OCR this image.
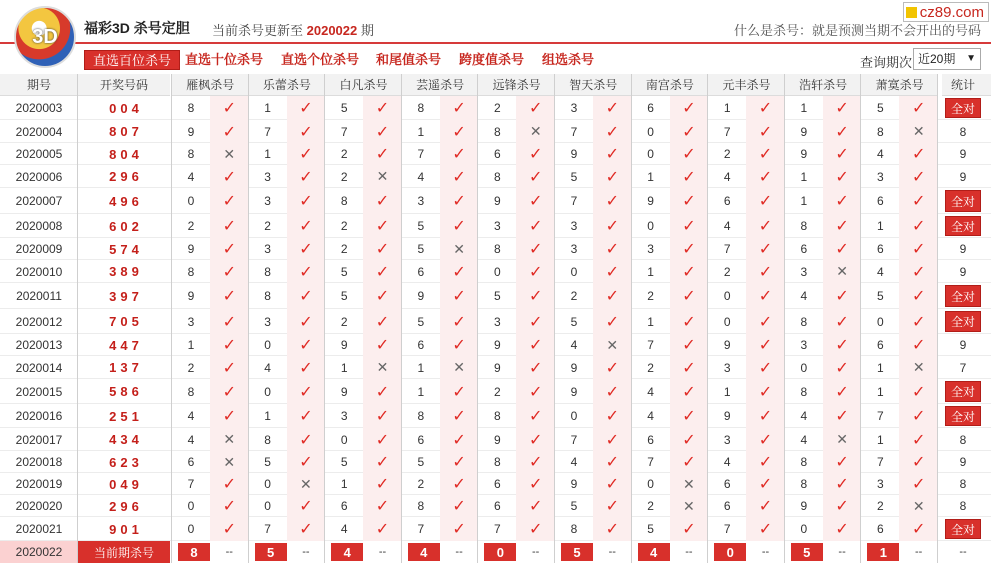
福彩3D 杀号定胆 当前杀号更新至 2020022 期	什么是杀号：就是预测当期不会开出的号码
3D
cz89.com
直选百位杀号	直选十位杀号 直选个位杀号 和尾值杀号 跨度值杀号 组选杀号	查询期次 近20期 ▼
期号	开奖号码	雁枫杀号	乐蕾杀号	白凡杀号	芸遥杀号	远锋杀号	智天杀号	南宫杀号	元丰杀号	浩轩杀号	萧寞杀号	统计
2020003	004	8	✓	1	✓	5	✓	8	✓	2	✓	3	✓	6	✓	1	✓	1	✓	5	✓	全对
2020004	807	9	✓	7	✓	7	✓	1	✓	8	✕	7	✓	0	✓	7	✓	9	✓	8	✕	8
2020005	804	8	✕	1	✓	2	✓	7	✓	6	✓	9	✓	0	✓	2	✓	9	✓	4	✓	9
2020006	296	4	✓	3	✓	2	✕	4	✓	8	✓	5	✓	1	✓	4	✓	1	✓	3	✓	9
2020007	496	0	✓	3	✓	8	✓	3	✓	9	✓	7	✓	9	✓	6	✓	1	✓	6	✓	全对
2020008	602	2	✓	2	✓	2	✓	5	✓	3	✓	3	✓	0	✓	4	✓	8	✓	1	✓	全对
2020009	574	9	✓	3	✓	2	✓	5	✕	8	✓	3	✓	3	✓	7	✓	6	✓	6	✓	9
2020010	389	8	✓	8	✓	5	✓	6	✓	0	✓	0	✓	1	✓	2	✓	3	✕	4	✓	9
2020011	397	9	✓	8	✓	5	✓	9	✓	5	✓	2	✓	2	✓	0	✓	4	✓	5	✓	全对
2020012	705	3	✓	3	✓	2	✓	5	✓	3	✓	5	✓	1	✓	0	✓	8	✓	0	✓	全对
2020013	447	1	✓	0	✓	9	✓	6	✓	9	✓	4	✕	7	✓	9	✓	3	✓	6	✓	9
2020014	137	2	✓	4	✓	1	✕	1	✕	9	✓	9	✓	2	✓	3	✓	0	✓	1	✕	7
2020015	586	8	✓	0	✓	9	✓	1	✓	2	✓	9	✓	4	✓	1	✓	8	✓	1	✓	全对
2020016	251	4	✓	1	✓	3	✓	8	✓	8	✓	0	✓	4	✓	9	✓	4	✓	7	✓	全对
2020017	434	4	✕	8	✓	0	✓	6	✓	9	✓	7	✓	6	✓	3	✓	4	✕	1	✓	8
2020018	623	6	✕	5	✓	5	✓	5	✓	8	✓	4	✓	7	✓	4	✓	8	✓	7	✓	9
2020019	049	7	✓	0	✕	1	✓	2	✓	6	✓	9	✓	0	✕	6	✓	8	✓	3	✓	8
2020020	296	0	✓	0	✓	6	✓	8	✓	6	✓	5	✓	2	✕	6	✓	9	✓	2	✕	8
2020021	901	0	✓	7	✓	4	✓	7	✓	7	✓	8	✓	5	✓	7	✓	0	✓	6	✓	全对
2020022	当前期杀号	8	--	5	--	4	--	4	--	0	--	5	--	4	--	0	--	5	--	1	--	--
